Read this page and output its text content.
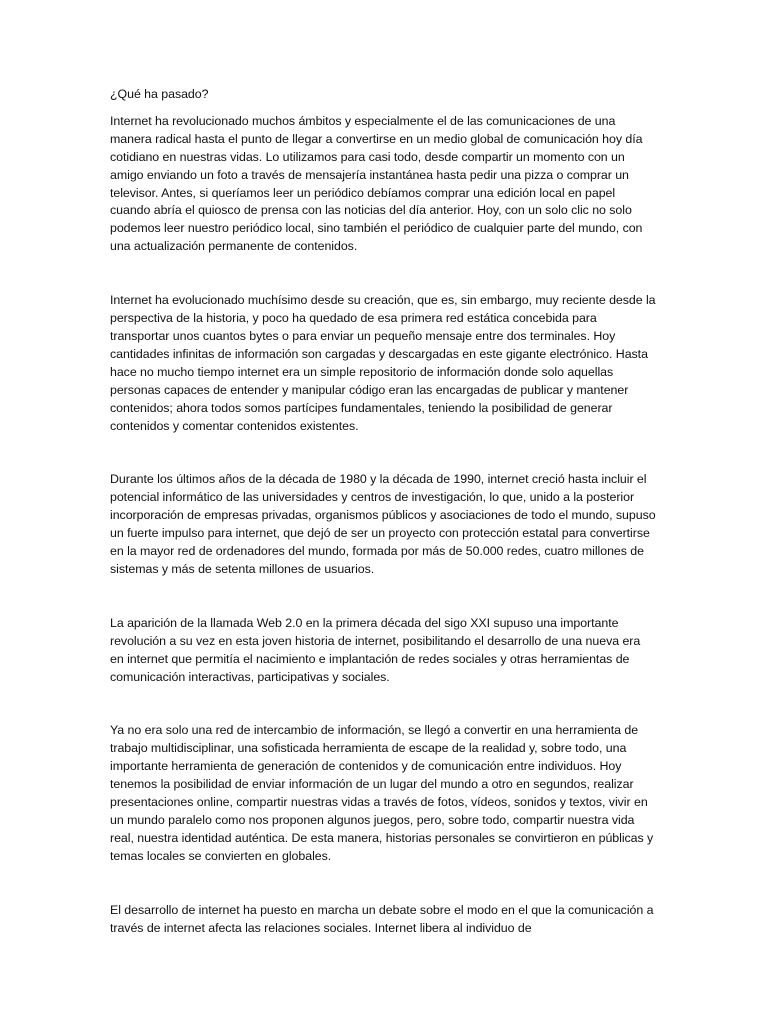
¿Qué ha pasado?

Internet ha revolucionado muchos ámbitos y especialmente el de las comunicaciones de una manera radical hasta el punto de llegar a convertirse en un medio global de comunicación hoy día cotidiano en nuestras vidas. Lo utilizamos para casi todo, desde compartir un momento con un amigo enviando un foto a través de mensajería instantánea hasta pedir una pizza o comprar un televisor. Antes, si queríamos leer un periódico debíamos comprar una edición local en papel cuando abría el quiosco de prensa con las noticias del día anterior. Hoy, con un solo clic no solo podemos leer nuestro periódico local, sino también el periódico de cualquier parte del mundo, con una actualización permanente de contenidos.

Internet ha evolucionado muchísimo desde su creación, que es, sin embargo, muy reciente desde la perspectiva de la historia, y poco ha quedado de esa primera red estática concebida para transportar unos cuantos bytes o para enviar un pequeño mensaje entre dos terminales. Hoy cantidades infinitas de información son cargadas y descargadas en este gigante electrónico. Hasta hace no mucho tiempo internet era un simple repositorio de información donde solo aquellas personas capaces de entender y manipular código eran las encargadas de publicar y mantener contenidos; ahora todos somos partícipes fundamentales, teniendo la posibilidad de generar contenidos y comentar contenidos existentes.

Durante los últimos años de la década de 1980 y la década de 1990, internet creció hasta incluir el potencial informático de las universidades y centros de investigación, lo que, unido a la posterior incorporación de empresas privadas, organismos públicos y asociaciones de todo el mundo, supuso un fuerte impulso para internet, que dejó de ser un proyecto con protección estatal para convertirse en la mayor red de ordenadores del mundo, formada por más de 50.000 redes, cuatro millones de sistemas y más de setenta millones de usuarios.

La aparición de la llamada Web 2.0 en la primera década del sigo XXI supuso una importante revolución a su vez en esta joven historia de internet, posibilitando el desarrollo de una nueva era en internet que permitía el nacimiento e implantación de redes sociales y otras herramientas de comunicación interactivas, participativas y sociales.

Ya no era solo una red de intercambio de información, se llegó a convertir en una herramienta de trabajo multidisciplinar, una sofisticada herramienta de escape de la realidad y, sobre todo, una importante herramienta de generación de contenidos y de comunicación entre individuos. Hoy tenemos la posibilidad de enviar información de un lugar del mundo a otro en segundos, realizar presentaciones online, compartir nuestras vidas a través de fotos, vídeos, sonidos y textos, vivir en un mundo paralelo como nos proponen algunos juegos, pero, sobre todo, compartir nuestra vida real, nuestra identidad auténtica. De esta manera, historias personales se convirtieron en públicas y temas locales se convierten en globales.

El desarrollo de internet ha puesto en marcha un debate sobre el modo en el que la comunicación a través de internet afecta las relaciones sociales. Internet libera al individuo de
